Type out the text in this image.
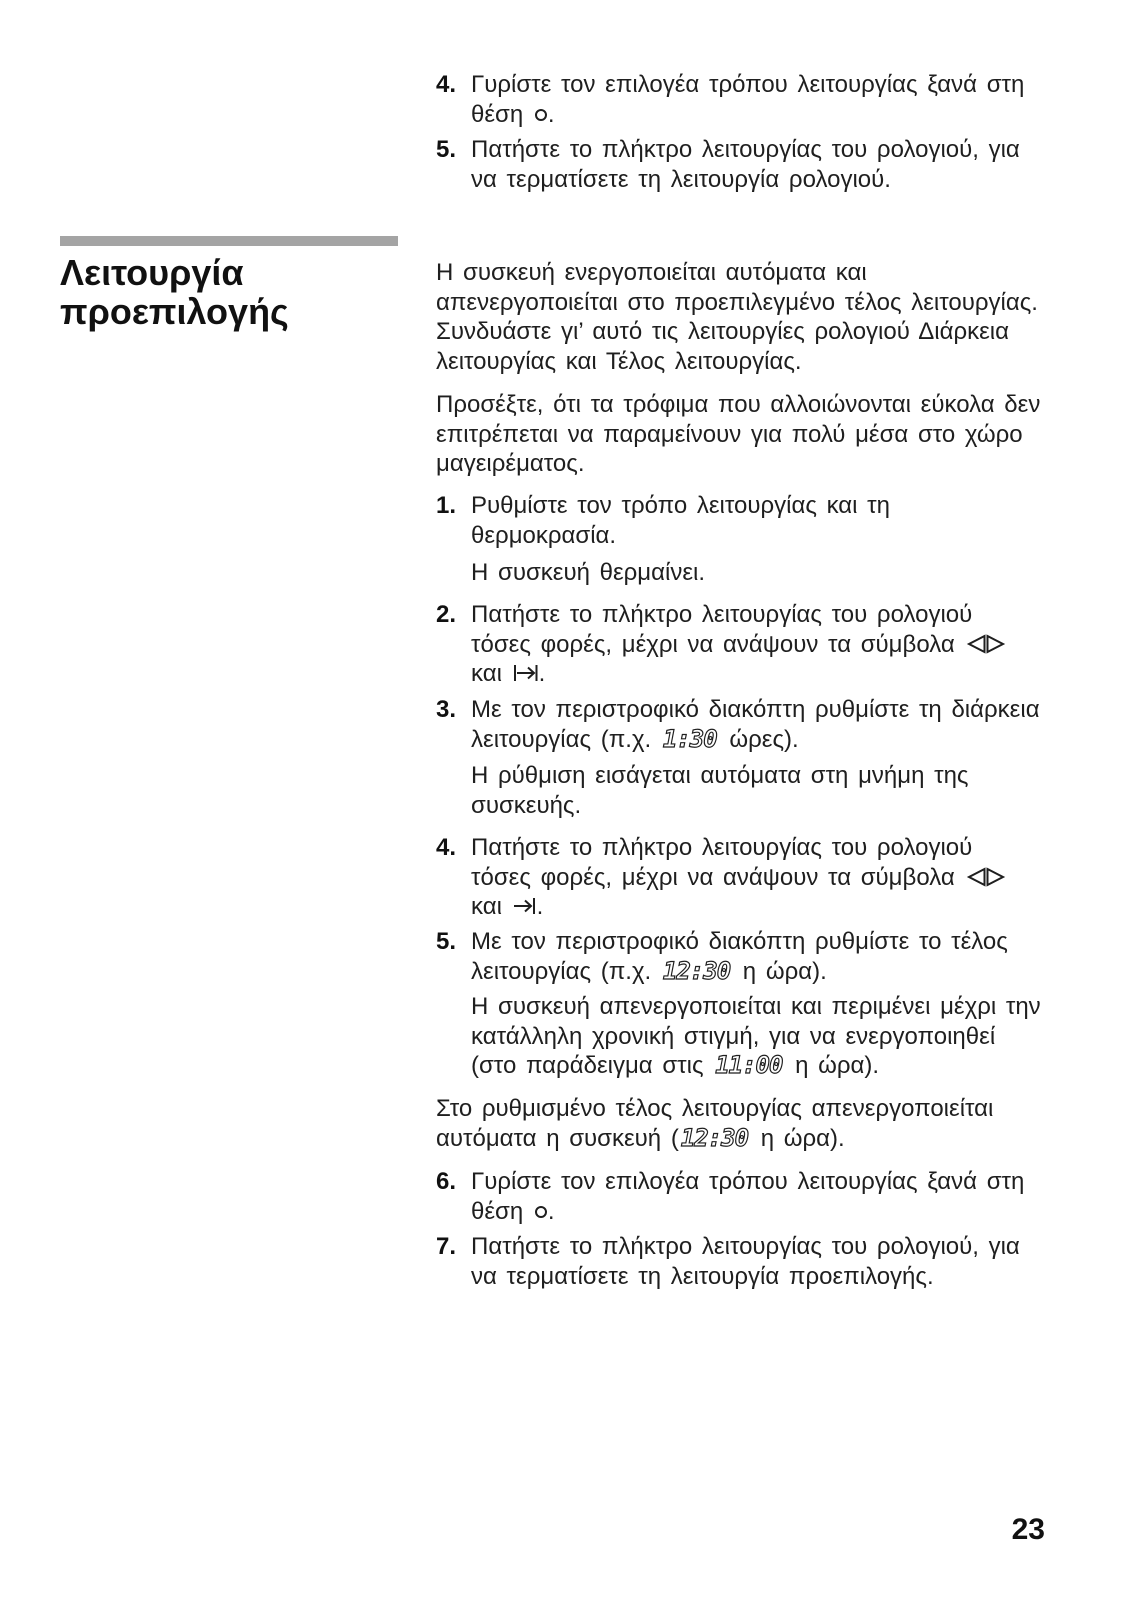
4. Γυρίστε τον επιλογέα τρόπου λειτουργίας ξανά στη
θέση .

5. Πατήστε το πλήκτρο λειτουργίας του ρολογιού, για
να τερματίσετε τη λειτουργία ρολογιού.

Λειτουργία
προεπιλογής

Η συσκευή ενεργοποιείται αυτόματα και
απενεργοποιείται στο προεπιλεγμένο τέλος λειτουργίας.
Συνδυάστε γι’ αυτό τις λειτουργίες ρολογιού Διάρκεια
λειτουργίας και Τέλος λειτουργίας.

Προσέξτε, ότι τα τρόφιμα που αλλοιώνονται εύκολα δεν
επιτρέπεται να παραμείνουν για πολύ μέσα στο χώρο
μαγειρέματος.

1. Ρυθμίστε τον τρόπο λειτουργίας και τη
θερμοκρασία.

Η συσκευή θερμαίνει.

2. Πατήστε το πλήκτρο λειτουργίας του ρολογιού
τόσες φορές, μέχρι να ανάψουν τα σύμβολα
και .

3. Με τον περιστροφικό διακόπτη ρυθμίστε τη διάρκεια
λειτουργίας (π.χ. 1:30 ώρες).

Η ρύθμιση εισάγεται αυτόματα στη μνήμη της
συσκευής.

4. Πατήστε το πλήκτρο λειτουργίας του ρολογιού
τόσες φορές, μέχρι να ανάψουν τα σύμβολα
και .

5. Με τον περιστροφικό διακόπτη ρυθμίστε το τέλος
λειτουργίας (π.χ. 12:30 η ώρα).

Η συσκευή απενεργοποιείται και περιμένει μέχρι την
κατάλληλη χρονική στιγμή, για να ενεργοποιηθεί
(στο παράδειγμα στις 11:00 η ώρα).

Στο ρυθμισμένο τέλος λειτουργίας απενεργοποιείται
αυτόματα η συσκευή (12:30 η ώρα).

6. Γυρίστε τον επιλογέα τρόπου λειτουργίας ξανά στη
θέση .

7. Πατήστε το πλήκτρο λειτουργίας του ρολογιού, για
να τερματίσετε τη λειτουργία προεπιλογής.

23
